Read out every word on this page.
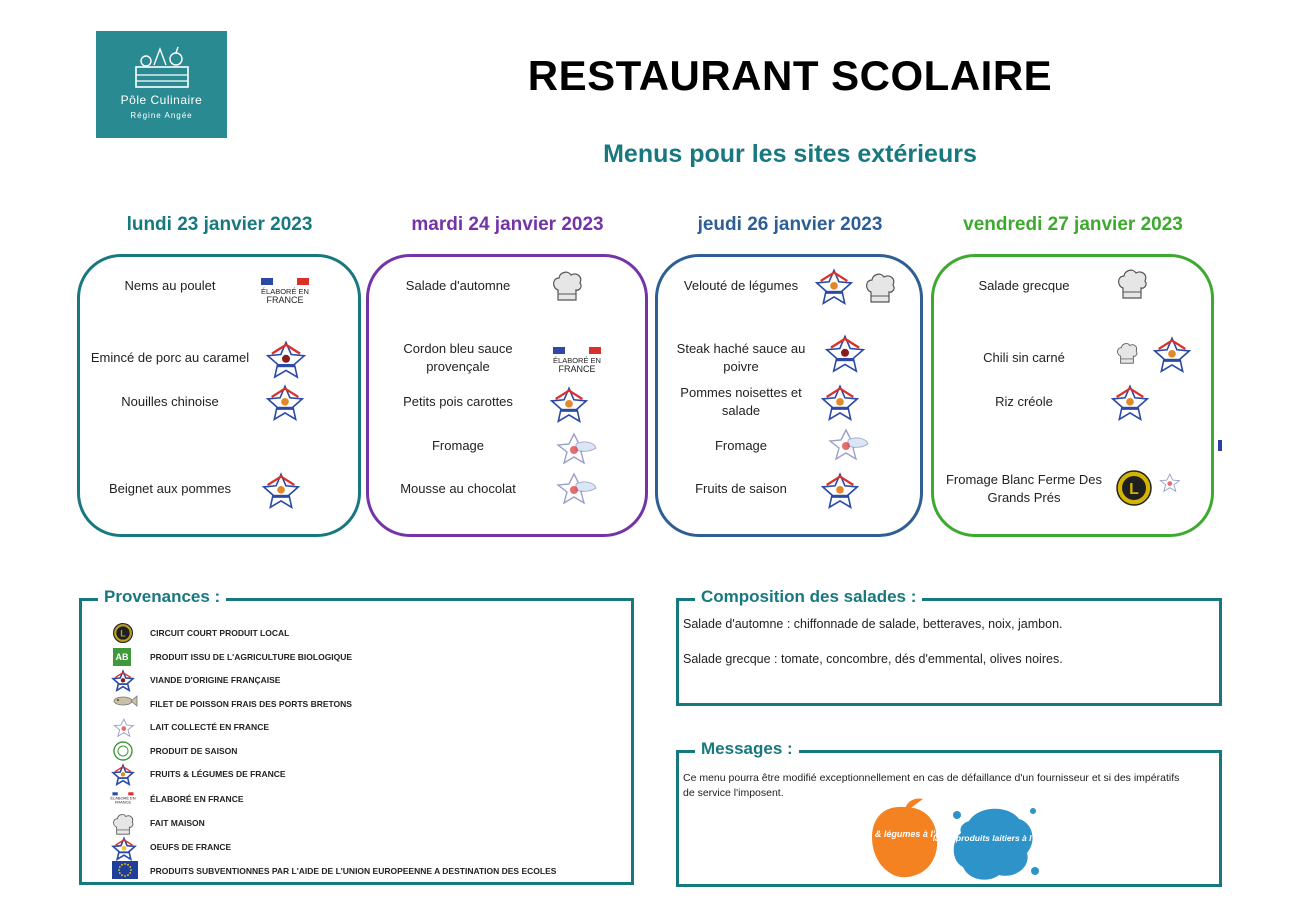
Pôle Culinaire
Régine Angée
RESTAURANT SCOLAIRE
Menus pour les sites extérieurs
lundi 23 janvier 2023	mardi 24 janvier 2023	jeudi 26 janvier 2023	vendredi 27 janvier 2023
Nems au poulet
Emincé de porc au caramel
Nouilles chinoise
Beignet aux pommes
ÉLABORÉ EN
FRANCE
Salade d'automne
Cordon bleu sauce provençale
Petits pois carottes
Fromage
Mousse au chocolat
ÉLABORÉ EN
FRANCE
Velouté de légumes
Steak haché sauce au poivre
Pommes noisettes et salade
Fromage
Fruits de saison
Salade grecque
Chili sin carné
Riz créole
Fromage Blanc Ferme Des Grands Prés	L
Provenances :
L	CIRCUIT COURT PRODUIT LOCAL
AB	PRODUIT ISSU DE L'AGRICULTURE BIOLOGIQUE
VIANDE D'ORIGINE FRANÇAISE
FILET DE POISSON FRAIS DES PORTS BRETONS
LAIT COLLECTÉ EN FRANCE
PRODUIT DE SAISON
FRUITS & LÉGUMES DE FRANCE
ÉLABORÉ EN
FRANCE ÉLABORÉ EN FRANCE
FAIT MAISON
OEUFS DE FRANCE
PRODUITS SUBVENTIONNES PAR L'AIDE DE L'UNION EUROPEENNE A DESTINATION DES ECOLES
Composition des salades :
Salade d'automne : chiffonnade de salade, betteraves, noix, jambon.
Salade grecque : tomate, concombre, dés d'emmental, olives noires.
Messages :
Ce menu pourra être modifié exceptionnellement en cas de défaillance d'un fournisseur et si des impératifs de service l'imposent.
fruits & légumes à l'école
lait & produits laitiers à l'école
